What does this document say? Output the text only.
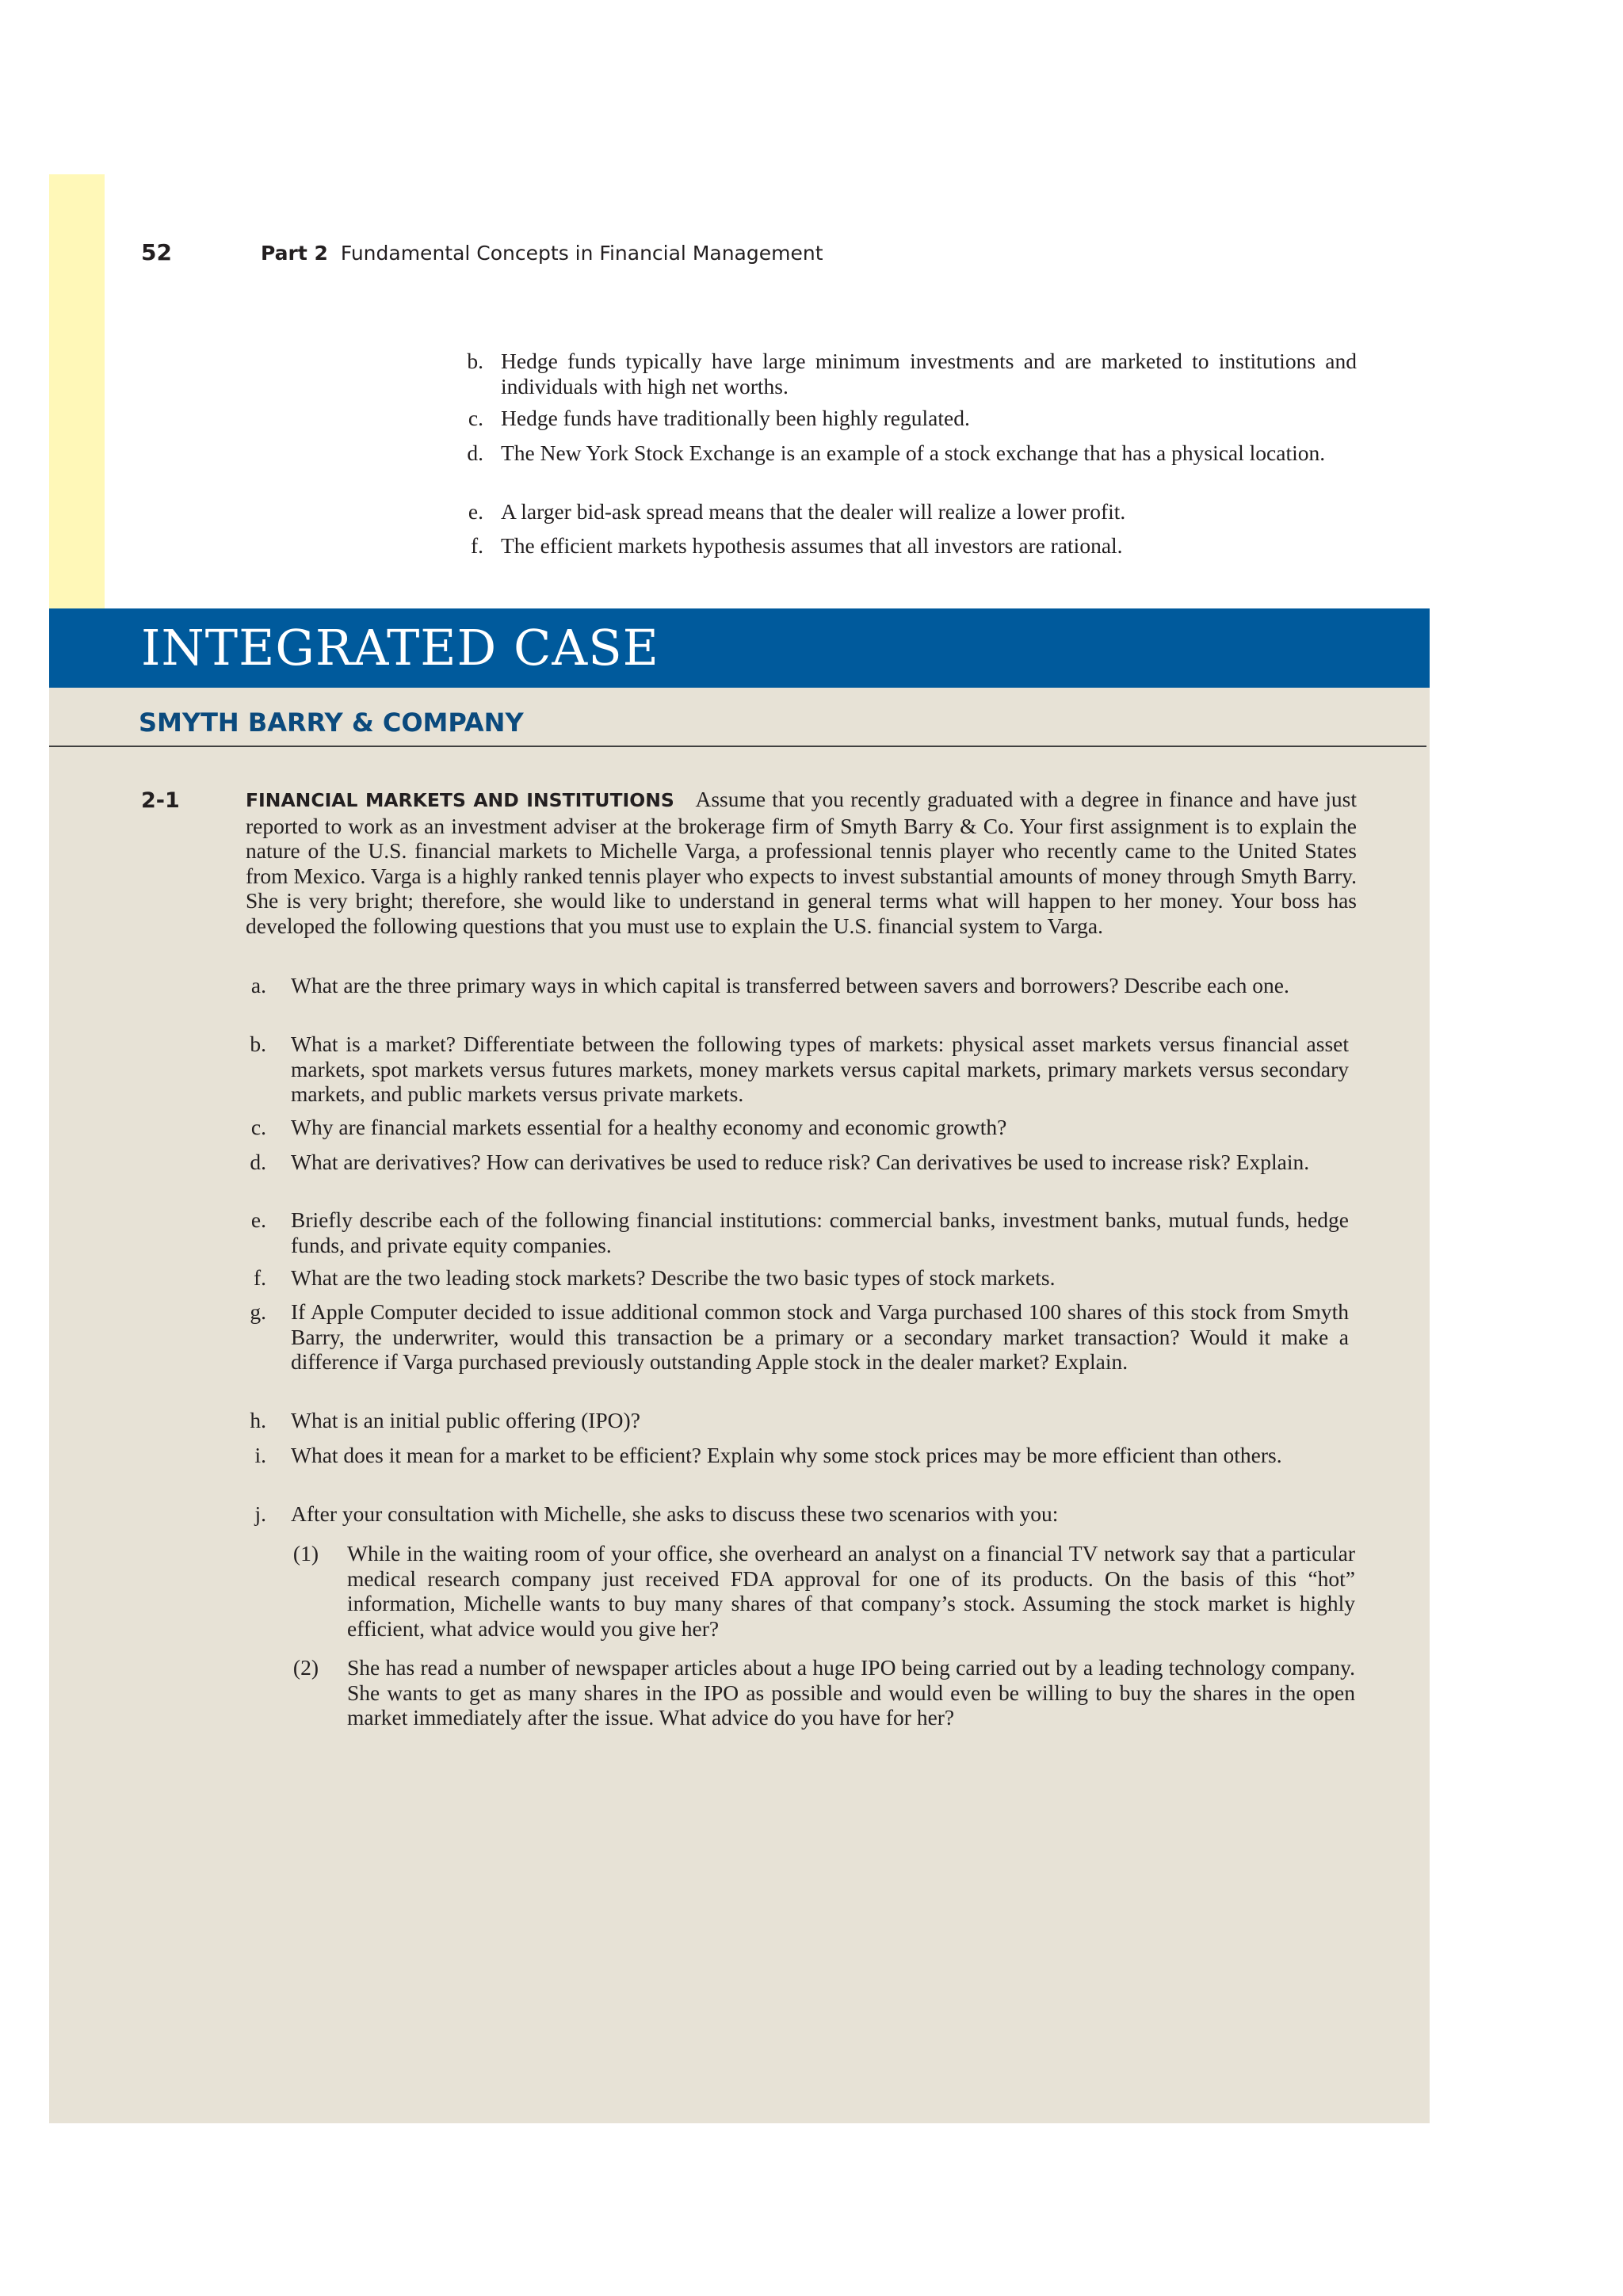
INTEGRATED CASE
SMYTH BARRY & COMPANY
52	Part 2 Fundamental Concepts in Financial Management
b. Hedge funds typically have large minimum investments and are marketed to institutions and individuals with high net worths.
c. Hedge funds have traditionally been highly regulated.
d. The New York Stock Exchange is an example of a stock exchange that has a physical location.
e. A larger bid-ask spread means that the dealer will realize a lower profit.
f. The efficient markets hypothesis assumes that all investors are rational.
2-1	FINANCIAL MARKETS AND INSTITUTIONS Assume that you recently graduated with a degree in finance and have just reported to work as an investment adviser at the brokerage firm of Smyth Barry & Co. Your first assignment is to explain the nature of the U.S. financial markets to Michelle Varga, a professional tennis player who recently came to the United States from Mexico. Varga is a highly ranked tennis player who expects to invest substantial amounts of money through Smyth Barry. She is very bright; therefore, she would like to understand in general terms what will happen to her money. Your boss has developed the following questions that you must use to explain the U.S. financial system to Varga.
a. What are the three primary ways in which capital is transferred between savers and borrowers? Describe each one.
b. What is a market? Differentiate between the following types of markets: physical asset markets versus financial asset markets, spot markets versus futures markets, money markets versus capital markets, primary markets versus secondary markets, and public markets versus private markets.
c. Why are financial markets essential for a healthy economy and economic growth?
d. What are derivatives? How can derivatives be used to reduce risk? Can derivatives be used to increase risk? Explain.
e. Briefly describe each of the following financial institutions: commercial banks, investment banks, mutual funds, hedge funds, and private equity companies.
f. What are the two leading stock markets? Describe the two basic types of stock markets.
g. If Apple Computer decided to issue additional common stock and Varga purchased 100 shares of this stock from Smyth Barry, the underwriter, would this transaction be a primary or a secondary market transaction? Would it make a difference if Varga purchased previously outstanding Apple stock in the dealer market? Explain.
h. What is an initial public offering (IPO)?
i. What does it mean for a market to be efficient? Explain why some stock prices may be more efficient than others.
j. After your consultation with Michelle, she asks to discuss these two scenarios with you:
(1) While in the waiting room of your office, she overheard an analyst on a financial TV network say that a particular medical research company just received FDA approval for one of its products. On the basis of this “hot” information, Michelle wants to buy many shares of that company’s stock. Assuming the stock market is highly efficient, what advice would you give her?
(2) She has read a number of newspaper articles about a huge IPO being carried out by a leading technology company. She wants to get as many shares in the IPO as possible and would even be willing to buy the shares in the open market immediately after the issue. What advice do you have for her?
